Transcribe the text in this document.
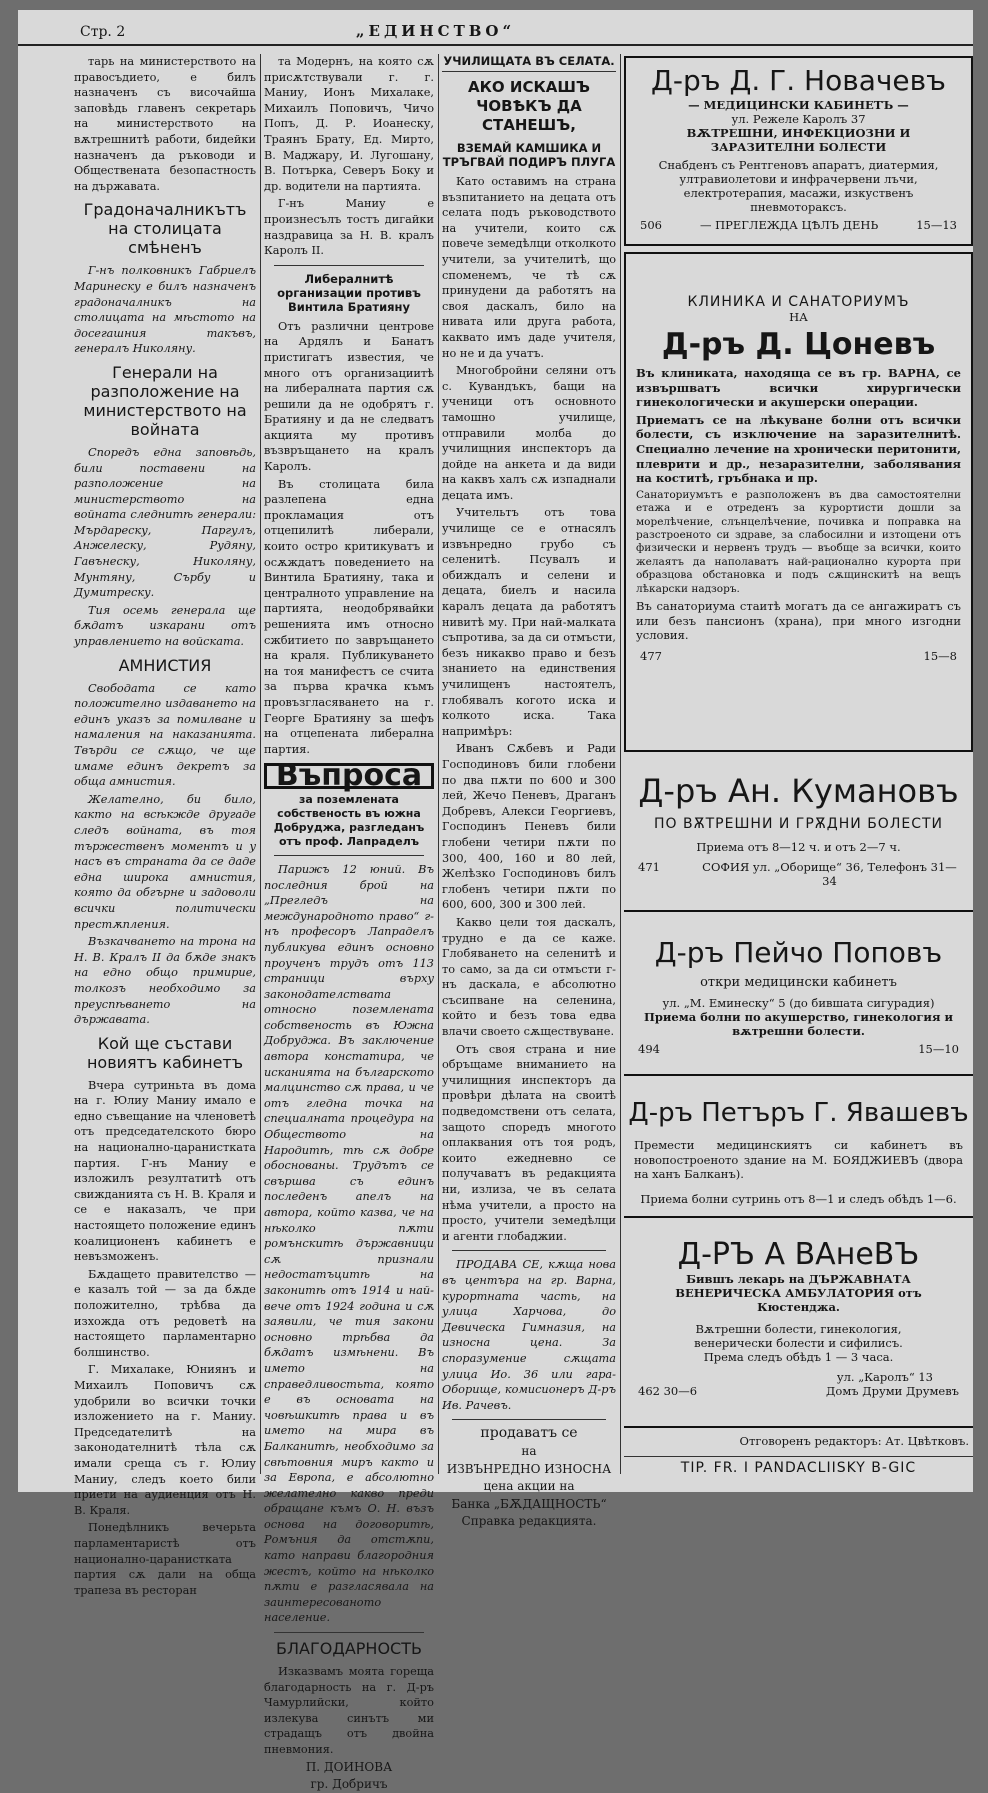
Стр. 2	„ЕДИНСТВО“

тарь на министерството на правосъдието, е билъ назначенъ съ височайша заповѣдь главенъ секретарь на министерството на вѫтрешнитѣ работи, бидейки назначенъ да ръководи и Обществената безопастность на държавата.

Градоначалникътъ на столицата смѣненъ

Г-нъ полковникъ Габриелъ Маринеску е билъ назначенъ градоначалникъ на столицата на мѣстото на досегашния такъвъ, генералъ Николяну.

Генерали на разположение на министерството на войната

Споредъ една заповѣдь, били поставени на разположение на министерството на войната следнитѣ генерали: Мърдареску, Паргулъ, Анжелеску, Рудяну, Гавънеску, Николяну, Мунтяну, Сърбу и Думитреску.

Тия осемь генерала ще бѫдатъ изкарани отъ управлението на войската.

АМНИСТИЯ

Свободата се като положително издаването на единъ указъ за помилване и намаления на наказанията. Твърди се сѫщо, че ще имаме единъ декретъ за обща амнистия.

Желателно, би било, както на всѣкжде другаде следъ войната, въ тоя тържественъ моментъ и у насъ въ страната да се даде една широка амнистия, която да обгърне и задоволи всички политически престѫпления.

Възкачването на трона на Н. В. Кралъ II да бѫде знакъ на едно общо примирие, толкозъ необходимо за преуспѣването на държавата.

Кой ще състави новиятъ кабинетъ

Вчера сутриньта въ дома на г. Юлиу Маниу имало е едно съвещание на членоветѣ отъ председателското бюро на национално-царанистката партия. Г-нъ Маниу е изложилъ резултатитѣ отъ свижданията съ Н. В. Краля и се е наказалъ, че при настоящето положение единъ коалиционенъ кабинетъ е невъзможенъ.

Бѫдащето правителство — е казалъ той — за да бѫде положително, трѣбва да изхожда отъ редоветѣ на настоящето парламентарно болшинство.

Г. Михалаке, Юниянъ и Михаилъ Поповичъ сѫ удобрили во всички точки изложението на г. Маниу. Председателитѣ на законодателнитѣ тѣла сѫ имали среща съ г. Юлиу Маниу, следъ което били приети на аудиенция отъ Н. В. Краля.

Понедѣлникъ вечерьта парламентаристѣ отъ национално-царанистката партия сѫ дали на обща трапеза въ ресторан

та Модернъ, на която сѫ присѫтствували г. г. Маниу, Ионъ Михалаке, Михаилъ Поповичъ, Чичо Попъ, Д. Р. Иоанеску, Траянъ Брату, Ед. Мирто, В. Маджару, И. Лугошану, В. Потъркa, Северъ Боку и др. водители на партията.

Г-нъ Маниу е произнесълъ тостъ дигайки наздравица за Н. В. кралъ Каролъ II.

Либералнитѣ организации противъ Винтила Братияну

Отъ различни центрове на Ардялъ и Банатъ пристигатъ известия, че много отъ организациитѣ на либералната партия сѫ решили да не одобрятъ г. Братияну и да не следватъ акцията му противъ възвръщането на кралъ Каролъ.

Въ столицата била разлепена една прокламация отъ отцепилитѣ либерали, които остро критикуватъ и осѫждатъ поведението на Винтила Братияну, така и централното управление на партията, неодобрявайки решенията имъ относно сжбитието по завръщането на краля. Публикуването на тоя манифестъ се счита за първа крачка къмъ провъзгласяването на г. Георге Братияну за шефъ на отцепената либерална партия.

Въпроса
за поземлената собственость въ южна Добруджа, разгледанъ отъ проф. Лапраделъ

Парижъ 12 юний. Въ последния брой на „Прегледъ на международното право“ г-нъ професоръ Лапраделъ публикува единъ основно проученъ трудъ отъ 113 страници върху законодателствата относно поземлената собственость въ Южна Добруджа. Въ заключение автора констатира, че исканията на българското малцинство сѫ права, и че отъ гледна точка на специалната процедура на Обществото на Народитѣ, тѣ сѫ добре обоснованы. Трудътъ се свършва съ единъ последенъ апелъ на автора, който казва, че на нѣколко пѫти ромънскитѣ държавници сѫ признали недостатъцитѣ на законитѣ отъ 1914 и най-вече отъ 1924 година и сѫ заявили, че тия закони основно трѣбва да бѫдатъ измѣнени. Въ името на справедливостьта, която е въ основата на човѣшкитѣ права и въ името на мира въ Балканитѣ, необходимо за свѣтовния миръ както и за Европа, е абсолютно желателно какво преди обращане къмъ О. Н. възъ основа на договоритѣ, Ромъния да отстѫпи, като направи благородния жестъ, който на нѣколко пѫти е разгласявала на заинтересованото население.

БЛАГОДАРНОСТЬ

Изказвамъ моята гореща благодарность на г. Д-ръ Чамурлийски, който излекува синътъ ми страдащъ отъ двойна пневмония.

П. ДОИНОВА

гр. Добричъ

УЧИЛИЩАТА ВЪ СЕЛАТА.
АКО ИСКАШЪ ЧОВѢКЪ ДА СТАНЕШЪ,
ВЗЕМАЙ КАМШИКА И ТРЪГВАЙ ПОДИРЪ ПЛУГА

Като оставимъ на страна възпитанието на децата отъ селата подъ ръководството на учители, които сѫ повече земедѣлци отколкото учители, за учителитѣ, що споменемъ, че тѣ сѫ принудени да работятъ на своя даскалъ, било на нивата или друга работа, каквато имъ даде учителя, но не и да учатъ.

Многобройни селяни отъ с. Кувандъкъ, бащи на ученици отъ основното тамошно училище, отправили молба до училищния инспекторъ да дойде на анкета и да види на каквъ халъ сѫ изпаднали децата имъ.

Учительтъ отъ това училище се е отнасялъ извънредно грубо съ селенитѣ. Псувалъ и обиждалъ и селени и децата, биелъ и насила каралъ децата да работятъ нивитѣ му. При най-малката съпротива, за да си отмъсти, безъ никакво право и безъ знанието на единствения училищенъ настоятелъ, глобявалъ когото иска и колкото иска. Така напримѣръ:

Иванъ Сѫбевъ и Ради Господиновъ били глобени по два пѫти по 600 и 300 лей, Жечо Пеневъ, Драганъ Добревъ, Алекси Георгиевъ, Господинъ Пеневъ били глобени четири пѫти по 300, 400, 160 и 80 лей, Желѣзко Господиновъ билъ глобенъ четири пѫти по 600, 600, 300 и 300 лей.

Какво цели тоя даскалъ, трудно е да се каже. Глобяването на селенитѣ и то само, за да си отмъсти г-нъ даскала, е абсолютно съсипване на селенина, който и безъ това едва влачи своето сѫществуване.

Отъ своя страна и ние обръщаме вниманието на училищния инспекторъ да провѣри дѣлата на своитѣ подведомствени отъ селата, защото споредъ многото оплаквания отъ тоя родъ, които ежедневно се получаватъ въ редакцията ни, излиза, че въ селата нѣма учители, а просто на просто, учители земедѣлци и агенти глобаджии.

ПРОДАВА СЕ, кѫща нова въ центъра на гр. Варна, курортната часть, на улица Харчова, до Девическа Гимназия, на износна цена. За споразумение сѫщата улица Ио. 36 или гара-Оборище, комисионеръ Д-ръ Ив. Рачевъ.

продаватъ се

на

ИЗВЪНРЕДНО ИЗНОСНА

цена акции на

Банка „БѪДАЩНОСТЬ“

Справка редакцията.

Д-ръ Д. Г. Новачевъ
— МЕДИЦИНСКИ КАБИНЕТЪ —
ул. Режеле Каролъ 37
ВѪТРЕШНИ, ИНФЕКЦИОЗНИ И ЗАРАЗИТЕЛНИ БОЛЕСТИ
Снабденъ съ Рентгеновъ апаратъ, диатермия, ултравиолетови и инфрачервени лъчи, електротерапия, масажи, изкуственъ пневмотораксъ.
506	— ПРЕГЛЕЖДА ЦѢЛЪ ДЕНЬ	15—13
КЛИНИКА И САНАТОРИУМЪ
НА
Д-ръ Д. Цоневъ
Въ клиниката, находяща се въ гр. ВАРНА, се извършватъ всички хирургически гинекологически и акушерски операции.
Приематъ се на лѣкуване болни отъ всички болести, съ изключение на заразителнитѣ. Специално лечение на хронически перитонити, плеврити и др., незаразителни, заболявания на коститѣ, гръбнака и пр.
Санаториумътъ е разположенъ въ два самостоятелни етажа и е отреденъ за курортисти дошли за морелѣчение, слънцелѣчение, почивка и поправка на разстроеното си здраве, за слабосилни и изтощени отъ физически и нервенъ трудъ — въобще за всички, които желаятъ да наполаватъ най-рационално курорта при образцова обстановка и подъ сѫщинскитѣ на вещъ лѣкарски надзоръ.
Въ санаториума стаитѣ могатъ да се ангажиратъ съ или безъ пансионъ (храна), при много изгодни условия.
477	15—8
Д-ръ Ан. Кумановъ
ПО ВѪТРЕШНИ И ГРѪДНИ БОЛЕСТИ
Приема отъ 8—12 ч. и отъ 2—7 ч.
471	СОФИЯ ул. „Оборище“ 36, Телефонъ 31—34
Д-ръ Пейчо Поповъ
откри медицински кабинетъ
ул. „М. Еминеску“ 5 (до бившата сигурадия)
Приема болни по акушерство, гинекология и вѫтрешни болести.
494	15—10
Д-ръ Петъръ Г. Явашевъ
Премести медицинскиятъ си кабинетъ въ новопостроеното здание на М. БОЯДЖИЕВЪ (двора на ханъ Балканъ).
Приема болни сутринь отъ 8—1 и следъ обѣдъ 1—6.
Д-РЪ А ВАнеВЪ
Бившъ лекарь на ДЪРЖАВНАТА ВЕНЕРИЧЕСКА АМБУЛАТОРИЯ отъ Кюстенджа.
Вѫтрешни болести, гинекология, венерически болести и сифилисъ.
Према следъ обѣдъ 1 — 3 часа.
ул. „Каролъ“ 13
462 30—6	Домъ Друми Друмевъ
Отговоренъ редакторъ: Ат. Цвѣтковъ.
TIP. FR. I PANDACLIISKY B-GIC
